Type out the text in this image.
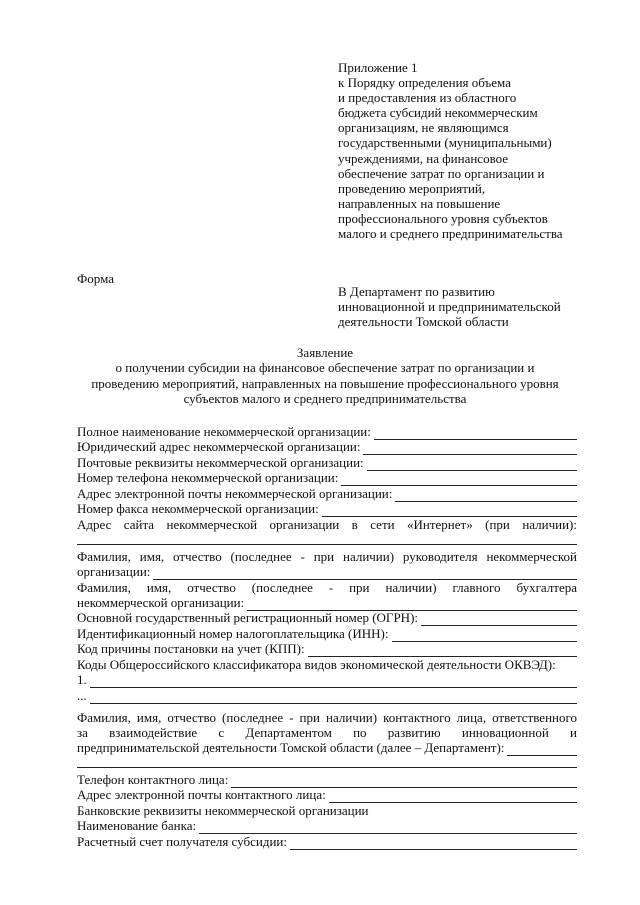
Приложение 1
к Порядку определения объема
и предоставления из областного
бюджета субсидий некоммерческим
организациям, не являющимся
государственными (муниципальными)
учреждениями, на финансовое
обеспечение затрат по организации и
проведению мероприятий,
направленных на повышение
профессионального уровня субъектов
малого и среднего предпринимательства
Форма
В Департамент по развитию
инновационной и предпринимательской
деятельности Томской области
Заявление
о получении субсидии на финансовое обеспечение затрат по организации и
проведению мероприятий, направленных на повышение профессионального уровня
субъектов малого и среднего предпринимательства
Полное наименование некоммерческой организации:
Юридический адрес некоммерческой организации:
Почтовые реквизиты некоммерческой организации:
Номер телефона некоммерческой организации:
Адрес электронной почты некоммерческой организации:
Номер факса некоммерческой организации:
Адрес сайта некоммерческой организации в сети «Интернет» (при наличии):
Фамилия, имя, отчество (последнее - при наличии) руководителя некоммерческой
организации:
Фамилия, имя, отчество (последнее - при наличии) главного бухгалтера
некоммерческой организации:
Основной государственный регистрационный номер (ОГРН):
Идентификационный номер налогоплательщика (ИНН):
Код причины постановки на учет (КПП):
Коды Общероссийского классификатора видов экономической деятельности ОКВЭД):
1.
...
Фамилия, имя, отчество (последнее - при наличии) контактного лица, ответственного
за взаимодействие с Департаментом по развитию инновационной и
предпринимательской деятельности Томской области (далее – Департамент):
Телефон контактного лица:
Адрес электронной почты контактного лица:
Банковские реквизиты некоммерческой организации
Наименование банка:
Расчетный счет получателя субсидии:
